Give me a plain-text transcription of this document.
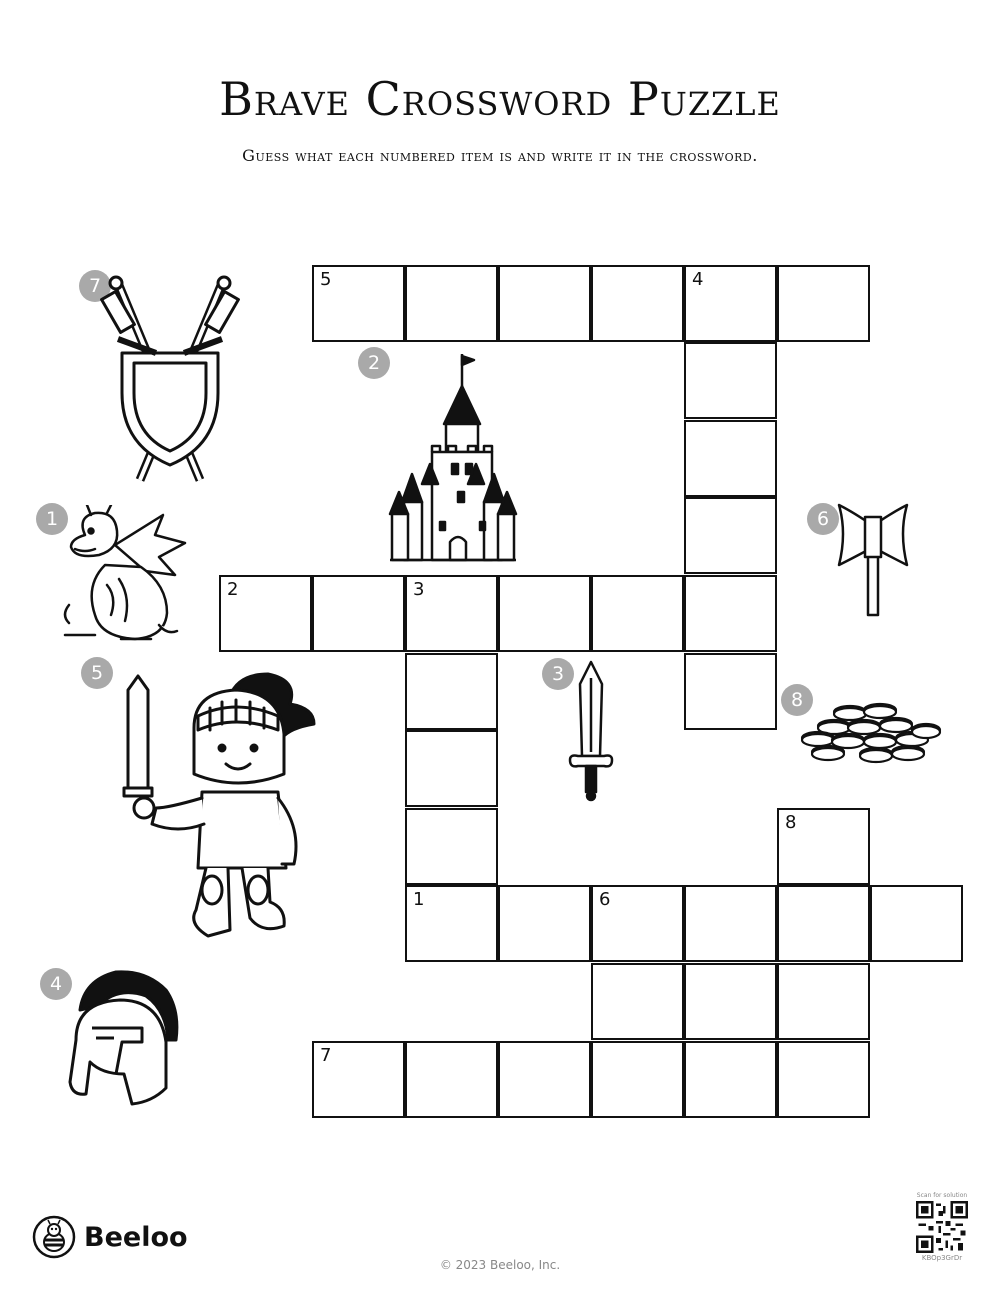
Brave Crossword Puzzle
Guess what each numbered item is and write it in the crossword.
5	4
2	3
8
1	6
7
7
2
1	6
5	3
8
4
Beeloo
© 2023 Beeloo, Inc.
Scan for solution
KBOp3GrDr
